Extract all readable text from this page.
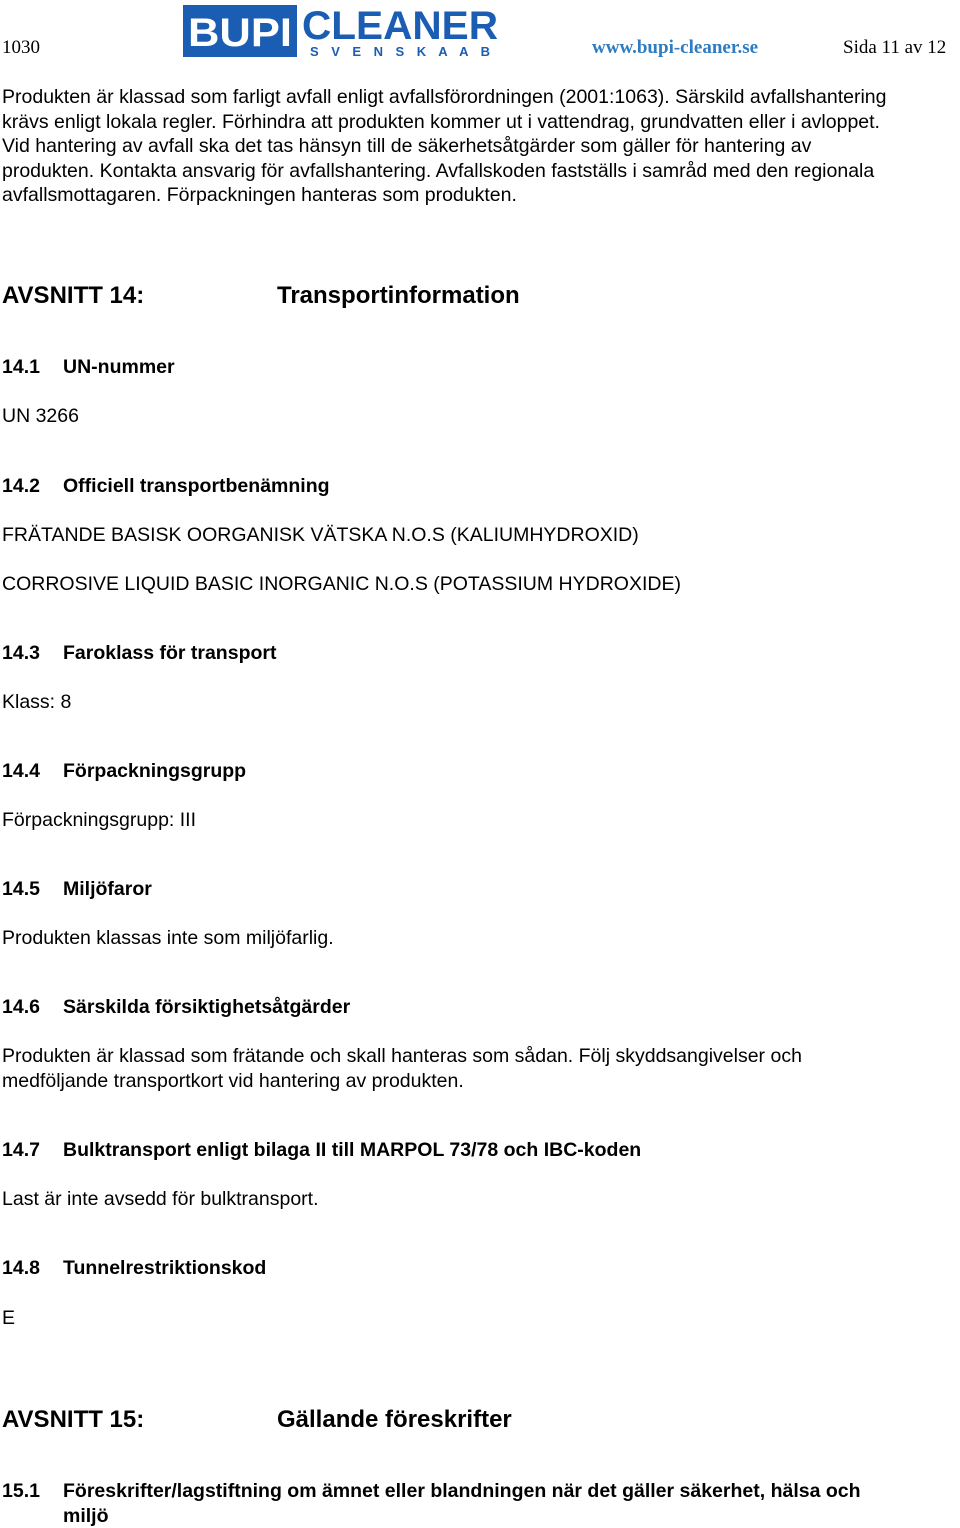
1030	BUPI CLEANER
S V E N S K A A B	www.bupi-cleaner.se	Sida 11 av 12
Produkten är klassad som farligt avfall enligt avfallsförordningen (2001:1063). Särskild avfallshantering
krävs enligt lokala regler. Förhindra att produkten kommer ut i vattendrag, grundvatten eller i avloppet.
Vid hantering av avfall ska det tas hänsyn till de säkerhetsåtgärder som gäller för hantering av
produkten. Kontakta ansvarig för avfallshantering. Avfallskoden fastställs i samråd med den regionala
avfallsmottagaren. Förpackningen hanteras som produkten.
AVSNITT 14:	Transportinformation
14.1 UN-nummer
UN 3266
14.2 Officiell transportbenämning
FRÄTANDE BASISK OORGANISK VÄTSKA N.O.S (KALIUMHYDROXID)
CORROSIVE LIQUID BASIC INORGANIC N.O.S (POTASSIUM HYDROXIDE)
14.3 Faroklass för transport
Klass: 8
14.4 Förpackningsgrupp
Förpackningsgrupp: III
14.5 Miljöfaror
Produkten klassas inte som miljöfarlig.
14.6 Särskilda försiktighetsåtgärder
Produkten är klassad som frätande och skall hanteras som sådan. Följ skyddsangivelser och
medföljande transportkort vid hantering av produkten.
14.7 Bulktransport enligt bilaga II till MARPOL 73/78 och IBC-koden
Last är inte avsedd för bulktransport.
14.8 Tunnelrestriktionskod
E
AVSNITT 15:	Gällande föreskrifter
15.1 Föreskrifter/lagstiftning om ämnet eller blandningen när det gäller säkerhet, hälsa och
miljö
